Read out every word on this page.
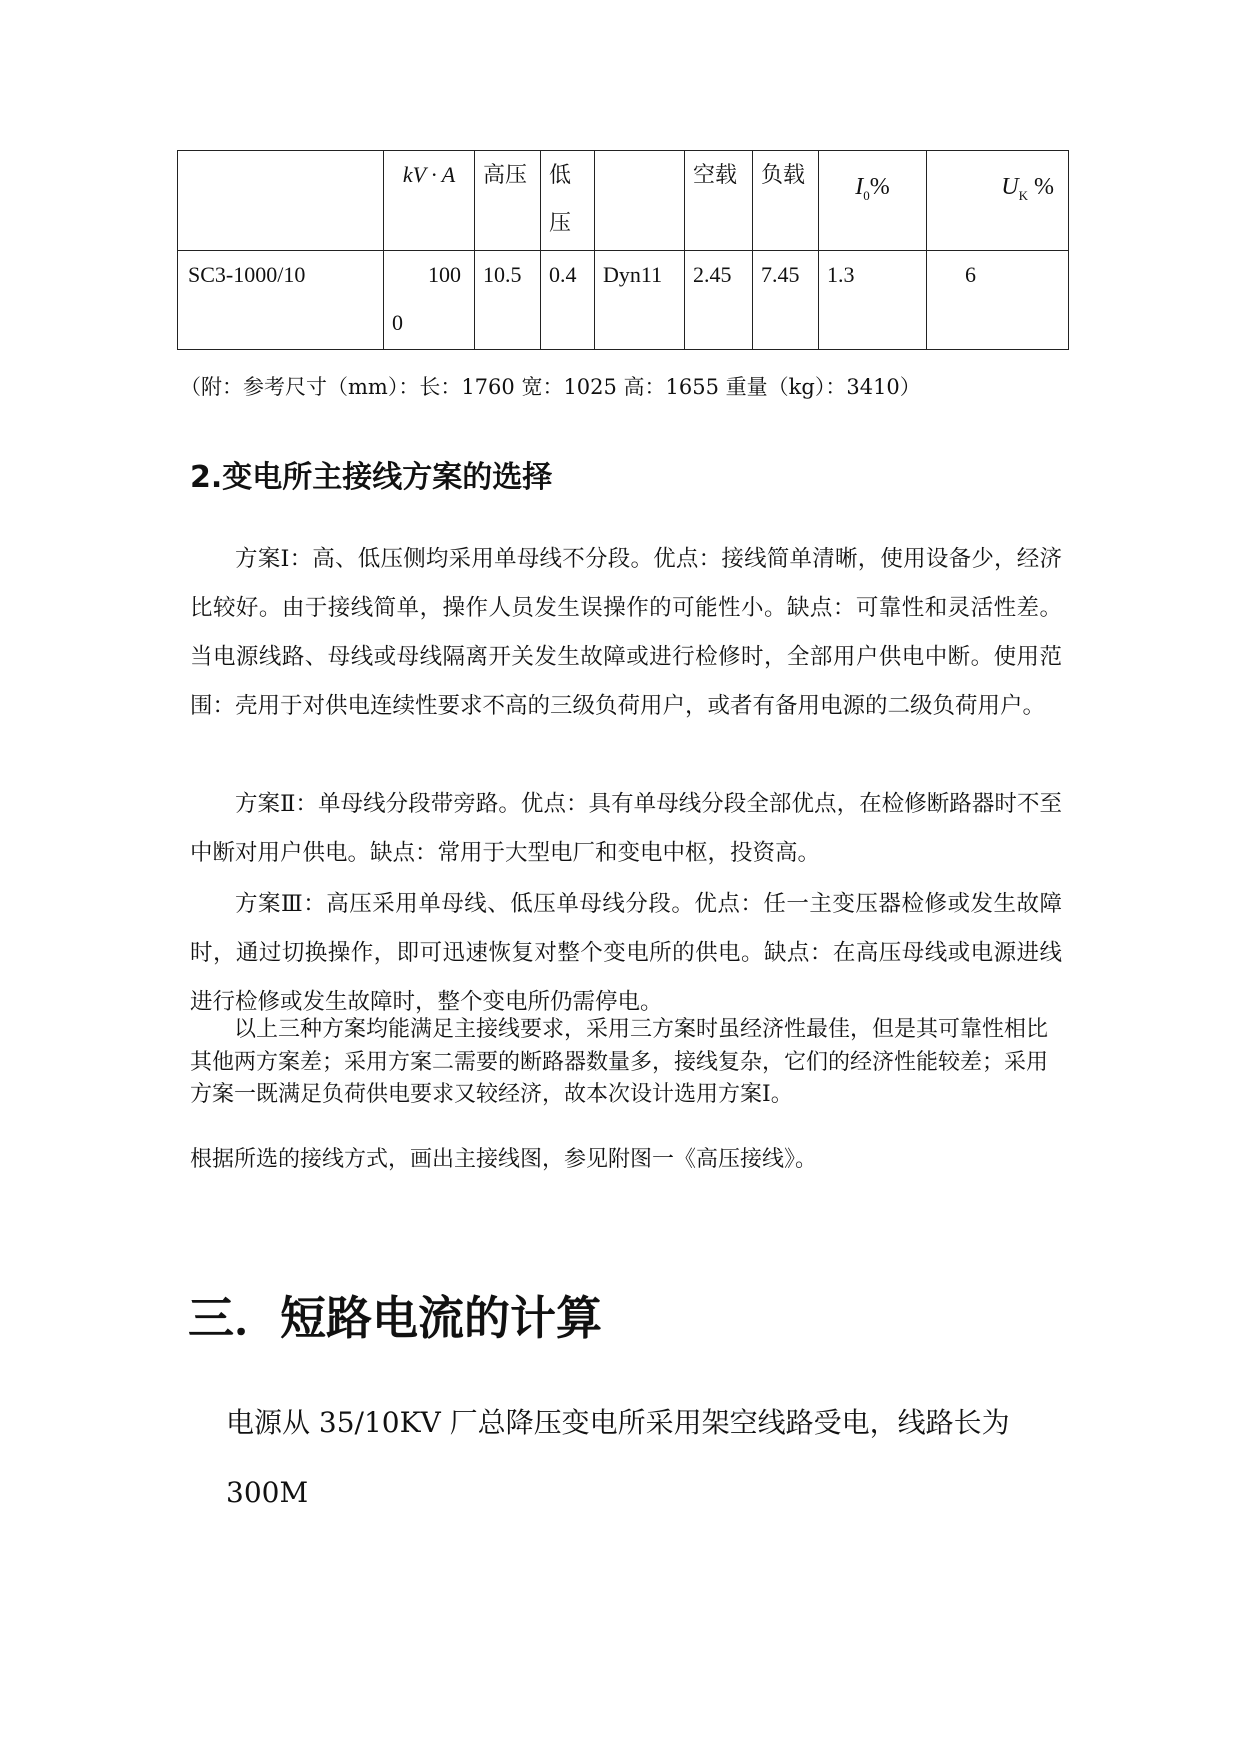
	kV · A	高压	低压		空载	负载	$I_0\%$	$U_K$ %

SC3-1000/10	1000	10.5	0.4	Dyn11	2.45	7.45	1.3	6

（附：参考尺寸（mm）：长：1760 宽：1025 高：1655 重量（kg）：3410）

2.变电所主接线方案的选择

方案Ⅰ：高、低压侧均采用单母线不分段。优点：接线简单清晰，使用设备少，经济比较好。由于接线简单，操作人员发生误操作的可能性小。缺点：可靠性和灵活性差。当电源线路、母线或母线隔离开关发生故障或进行检修时，全部用户供电中断。使用范围：壳用于对供电连续性要求不高的三级负荷用户，或者有备用电源的二级负荷用户。

方案Ⅱ：单母线分段带旁路。优点：具有单母线分段全部优点，在检修断路器时不至中断对用户供电。缺点：常用于大型电厂和变电中枢，投资高。

方案Ⅲ：高压采用单母线、低压单母线分段。优点：任一主变压器检修或发生故障时，通过切换操作，即可迅速恢复对整个变电所的供电。缺点：在高压母线或电源进线进行检修或发生故障时，整个变电所仍需停电。

以上三种方案均能满足主接线要求，采用三方案时虽经济性最佳，但是其可靠性相比其他两方案差；采用方案二需要的断路器数量多，接线复杂，它们的经济性能较差；采用方案一既满足负荷供电要求又较经济，故本次设计选用方案Ⅰ。

根据所选的接线方式，画出主接线图，参见附图一《高压接线》。

三．短路电流的计算

电源从 35/10KV 厂总降压变电所采用架空线路受电，线路长为 300M
